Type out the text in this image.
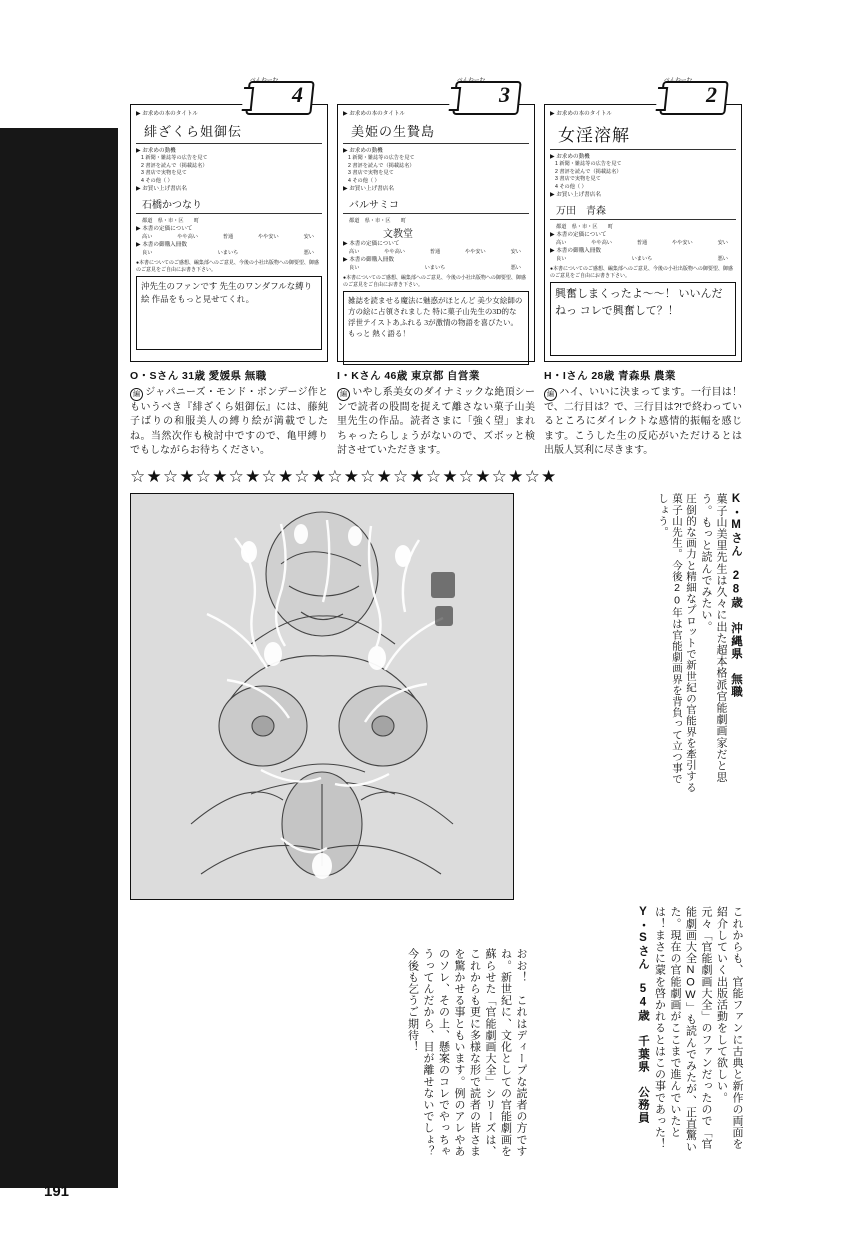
ぺんねーむ
4
▶ お求めの本のタイトル
緋ざくら姐御伝
▶ お求めの動機
1 新聞・雑誌等の広告を見て
2 書評を読んで（掲載誌名）
3 書店で実物を見て
4 その他（ ）
▶ お買い上げ書店名
石橋かつなり
都道　県・市・区　　町
▶ 本書の定価について
高い	やや高い	普通	やや安い	安い
▶ 本書の御購入冊数
良い	いまいち	悪い
●本書についてのご感想、編集部へのご意見、今後の小社出版物への御要望、御感のご意見をご自由にお書き下さい。
沖先生のファンです 先生のワンダフルな縛り絵 作品をもっと見せてくれ。
ぺんねーむ
3
▶ お求めの本のタイトル
美姫の生贄島
▶ お求めの動機
1 新聞・雑誌等の広告を見て
2 書評を読んで（掲載誌名）
3 書店で実物を見て
4 その他（ ）
▶ お買い上げ書店名
バルサミコ
都道　県・市・区　　町
文教堂
▶ 本書の定価について
高い	やや高い	普通	やや安い	安い
▶ 本書の御購入冊数
良い	いまいち	悪い
●本書についてのご感想、編集部へのご意見、今後の小社出版物への御要望、御感のご意見をご自由にお書き下さい。
雑誌を読ませる魔法に魅惑がほとんど 美少女絵師の方の絵に占領されました 特に菓子山先生の3D的な浮世テイストあふれる 3が激情の物語を喜びたい。もっと 熱く語る！
ぺんねーむ
2
▶ お求めの本のタイトル
女淫溶解
▶ お求めの動機
1 新聞・雑誌等の広告を見て
2 書評を読んで（掲載誌名）
3 書店で実物を見て
4 その他（ ）
▶ お買い上げ書店名
万田　青森
都道　県・市・区　　町
▶ 本書の定価について
高い	やや高い	普通	やや安い	安い
▶ 本書の御購入冊数
良い	いまいち	悪い
●本書についてのご感想、編集部へのご意見、今後の小社出版物への御要望、御感のご意見をご自由にお書き下さい。
興奮しまくったよ～～！ いいんだねっ コレで興奮して？！
O・Sさん 31歳 愛媛県 無職
編 ジャパニーズ・モンド・ボンデージ作ともいうべき『緋ざくら姐御伝』には、藤純子ばりの和服美人の縛り絵が満載でしたね。当然次作も検討中ですので、亀甲縛りでもしながらお待ちください。
I・Kさん 46歳 東京都 自営業
編 いやし系美女のダイナミックな絶頂シーンで読者の股間を捉えて離さない菓子山美里先生の作品。読者さまに「強く望」まれちゃったらしょうがないので、ズボッと検討させていただきます。
H・Iさん 28歳 青森県 農業
編 ハイ、いいに決まってます。一行目は！で、二行目は？で、三行目は?!で終わっているところにダイレクトな感情的振幅を感じます。こうした生の反応がいただけるとは出版人冥利に尽きます。
☆★☆★☆★☆★☆★☆★☆★☆★☆★☆★☆★☆★☆★
K・Mさん　28歳　沖縄県　無職
菓子山美里先生は久々に出た超本格派官能劇画家だと思う。もっと読んでみたい。
圧倒的な画力と精細なプロットで新世紀の官能界を牽引する菓子山先生。今後20年は官能劇画界を背負って立つ事でしょう。
Y・Sさん　54歳　千葉県　公務員	元々「官能劇画大全」のファンだったので「官能劇画大全NOW」も読んでみたが、正直驚いた。現在の官能劇画がここまで進んでいたとは！まさに蒙を啓かれるとはこの事であった！	これからも、官能ファンに古典と新作の両面を紹介していく出版活動をして欲しい。
おお！　これはディープな読者の方ですね。新世紀に、文化としての官能劇画を蘇らせた「官能劇画大全」シリーズは、これからも更に多様な形で読者の皆さまを驚かせる事ともいます。例のアレやあのソレ、その上、懸案のコレでやっちゃうってんだから、目が離せないでしょ？今後も乞うご期待！
191
